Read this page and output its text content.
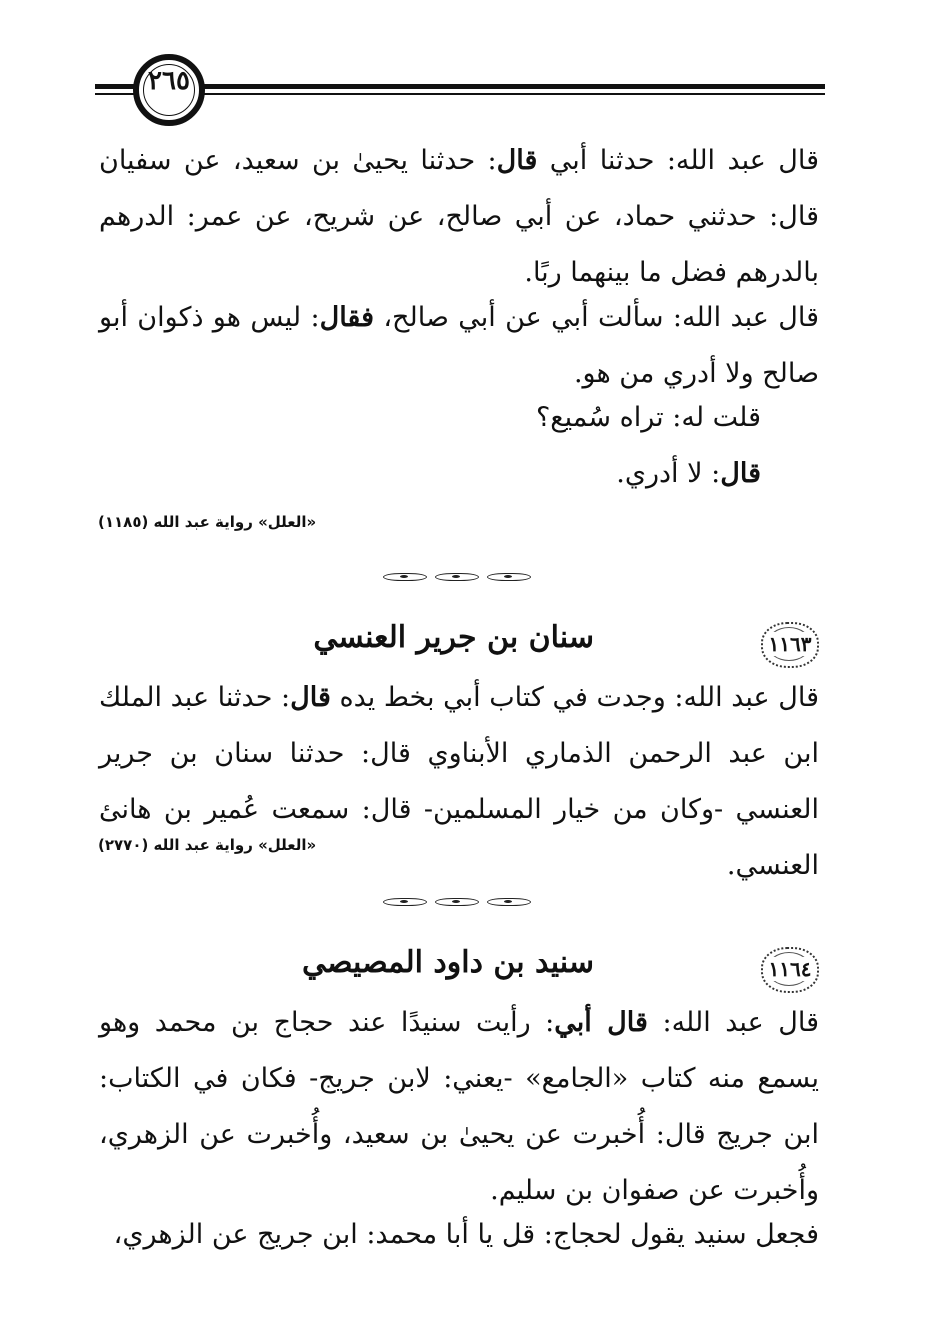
٢٦٥

قال عبد الله: حدثنا أبي قال: حدثنا يحيىٰ بن سعيد، عن سفيان قال: حدثني حماد، عن أبي صالح، عن شريح، عن عمر: الدرهم بالدرهم فضل ما بينهما ربًا.

قال عبد الله: سألت أبي عن أبي صالح، فقال: ليس هو ذكوان أبو صالح ولا أدري من هو.

قلت له: تراه سُميع؟
قال: لا أدري.
«العلل» رواية عبد الله (١١٨٥)
١١٦٣
سنان بن جرير العنسي

قال عبد الله: وجدت في كتاب أبي بخط يده قال: حدثنا عبد الملك ابن عبد الرحمن الذماري الأبناوي قال: حدثنا سنان بن جرير العنسي -وكان من خيار المسلمين- قال: سمعت عُمير بن هانئ العنسي.

«العلل» رواية عبد الله (٢٧٧٠)
١١٦٤
سنيد بن داود المصيصي

قال عبد الله: قال أبي: رأيت سنيدًا عند حجاج بن محمد وهو يسمع منه كتاب «الجامع» -يعني: لابن جريج- فكان في الكتاب: ابن جريج قال: أُخبرت عن يحيىٰ بن سعيد، وأُخبرت عن الزهري، وأُخبرت عن صفوان بن سليم.

فجعل سنيد يقول لحجاج: قل يا أبا محمد: ابن جريج عن الزهري،
